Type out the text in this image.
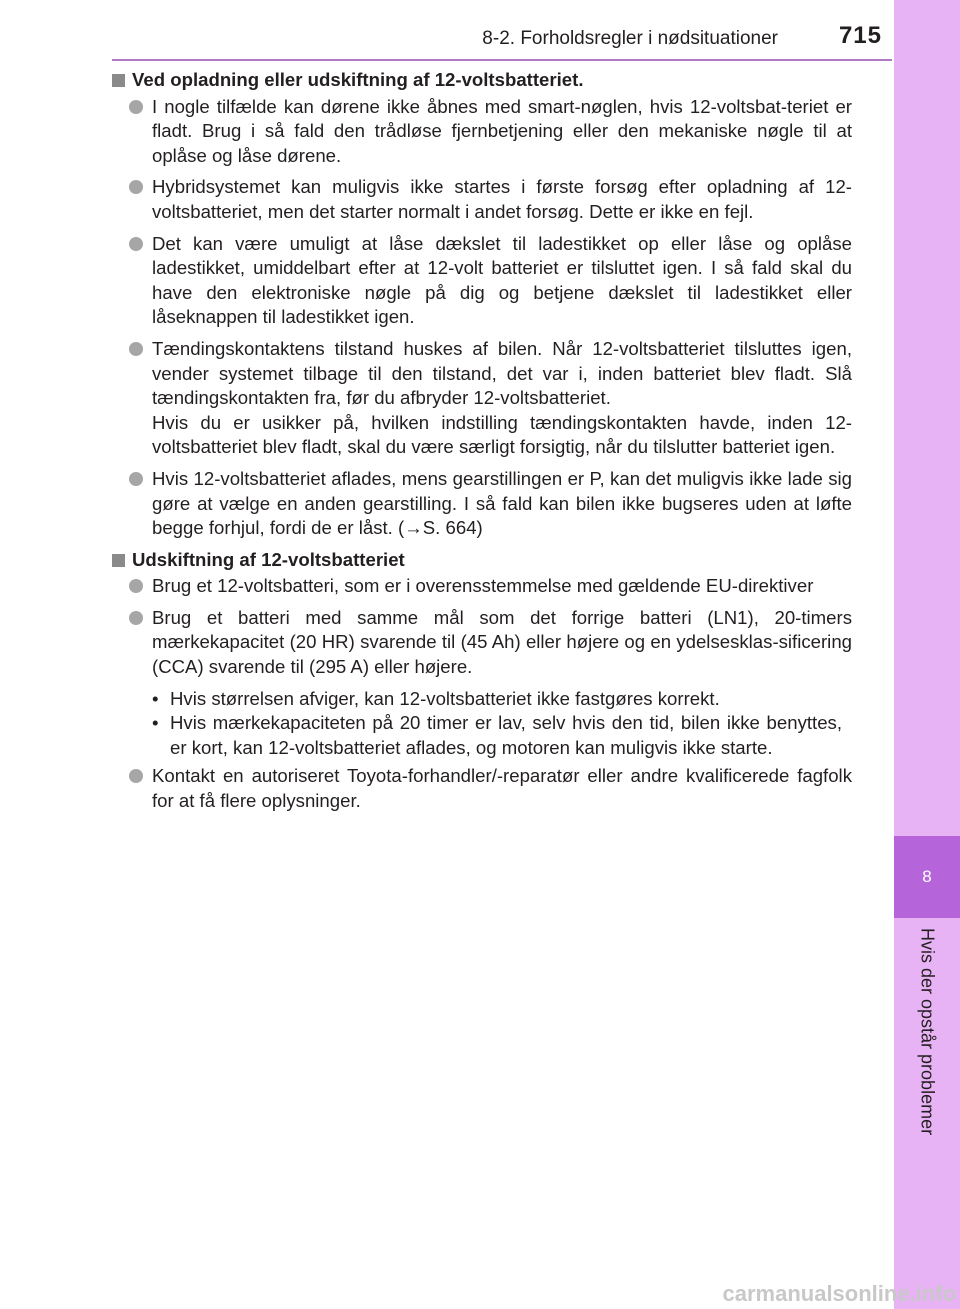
8-2. Forholdsregler i nødsituationer	715
8
Hvis der opstår problemer
Ved opladning eller udskiftning af 12-voltsbatteriet.

I nogle tilfælde kan dørene ikke åbnes med smart-nøglen, hvis 12-voltsbat-teriet er fladt. Brug i så fald den trådløse fjernbetjening eller den mekaniske nøgle til at oplåse og låse dørene.

Hybridsystemet kan muligvis ikke startes i første forsøg efter opladning af 12-voltsbatteriet, men det starter normalt i andet forsøg. Dette er ikke en fejl.

Det kan være umuligt at låse dækslet til ladestikket op eller låse og oplåse ladestikket, umiddelbart efter at 12-volt batteriet er tilsluttet igen. I så fald skal du have den elektroniske nøgle på dig og betjene dækslet til ladestikket eller låseknappen til ladestikket igen.

Tændingskontaktens tilstand huskes af bilen. Når 12-voltsbatteriet tilsluttes igen, vender systemet tilbage til den tilstand, det var i, inden batteriet blev fladt. Slå tændingskontakten fra, før du afbryder 12-voltsbatteriet.

Hvis du er usikker på, hvilken indstilling tændingskontakten havde, inden 12-voltsbatteriet blev fladt, skal du være særligt forsigtig, når du tilslutter batteriet igen.

Hvis 12-voltsbatteriet aflades, mens gearstillingen er P, kan det muligvis ikke lade sig gøre at vælge en anden gearstilling. I så fald kan bilen ikke bugseres uden at løfte begge forhjul, fordi de er låst. (→S. 664)

Udskiftning af 12-voltsbatteriet

Brug et 12-voltsbatteri, som er i overensstemmelse med gældende EU-direktiver

Brug et batteri med samme mål som det forrige batteri (LN1), 20-timers mærkekapacitet (20 HR) svarende til (45 Ah) eller højere og en ydelsesklas-sificering (CCA) svarende til (295 A) eller højere.

• Hvis størrelsen afviger, kan 12-voltsbatteriet ikke fastgøres korrekt.
• Hvis mærkekapaciteten på 20 timer er lav, selv hvis den tid, bilen ikke benyttes, er kort, kan 12-voltsbatteriet aflades, og motoren kan muligvis ikke starte.

Kontakt en autoriseret Toyota-forhandler/-reparatør eller andre kvalificerede fagfolk for at få flere oplysninger.

carmanualsonline.info
